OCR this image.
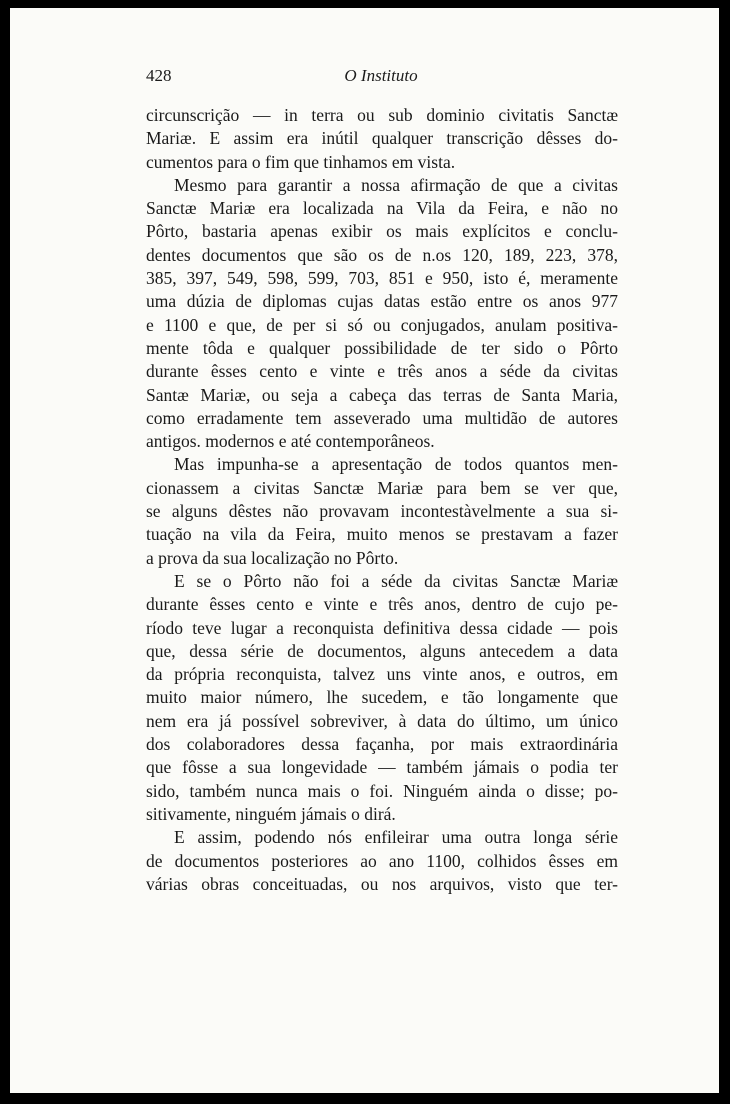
428	O Instituto
circunscrição — in terra ou sub dominio civitatis Sanctæ
Mariæ. E assim era inútil qualquer transcrição dêsses do-
cumentos para o fim que tinhamos em vista.
Mesmo para garantir a nossa afirmação de que a civitas
Sanctæ Mariæ era localizada na Vila da Feira, e não no
Pôrto, bastaria apenas exibir os mais explícitos e conclu-
dentes documentos que são os de n.os 120, 189, 223, 378,
385, 397, 549, 598, 599, 703, 851 e 950, isto é, meramente
uma dúzia de diplomas cujas datas estão entre os anos 977
e 1100 e que, de per si só ou conjugados, anulam positiva-
mente tôda e qualquer possibilidade de ter sido o Pôrto
durante êsses cento e vinte e três anos a séde da civitas
Santæ Mariæ, ou seja a cabeça das terras de Santa Maria,
como erradamente tem asseverado uma multidão de autores
antigos. modernos e até contemporâneos.
Mas impunha-se a apresentação de todos quantos men-
cionassem a civitas Sanctæ Mariæ para bem se ver que,
se alguns dêstes não provavam incontestàvelmente a sua si-
tuação na vila da Feira, muito menos se prestavam a fazer
a prova da sua localização no Pôrto.
E se o Pôrto não foi a séde da civitas Sanctæ Mariæ
durante êsses cento e vinte e três anos, dentro de cujo pe-
ríodo teve lugar a reconquista definitiva dessa cidade — pois
que, dessa série de documentos, alguns antecedem a data
da própria reconquista, talvez uns vinte anos, e outros, em
muito maior número, lhe sucedem, e tão longamente que
nem era já possível sobreviver, à data do último, um único
dos colaboradores dessa façanha, por mais extraordinária
que fôsse a sua longevidade — também jámais o podia ter
sido, também nunca mais o foi. Ninguém ainda o disse; po-
sitivamente, ninguém jámais o dirá.
E assim, podendo nós enfileirar uma outra longa série
de documentos posteriores ao ano 1100, colhidos êsses em
várias obras conceituadas, ou nos arquivos, visto que ter-
